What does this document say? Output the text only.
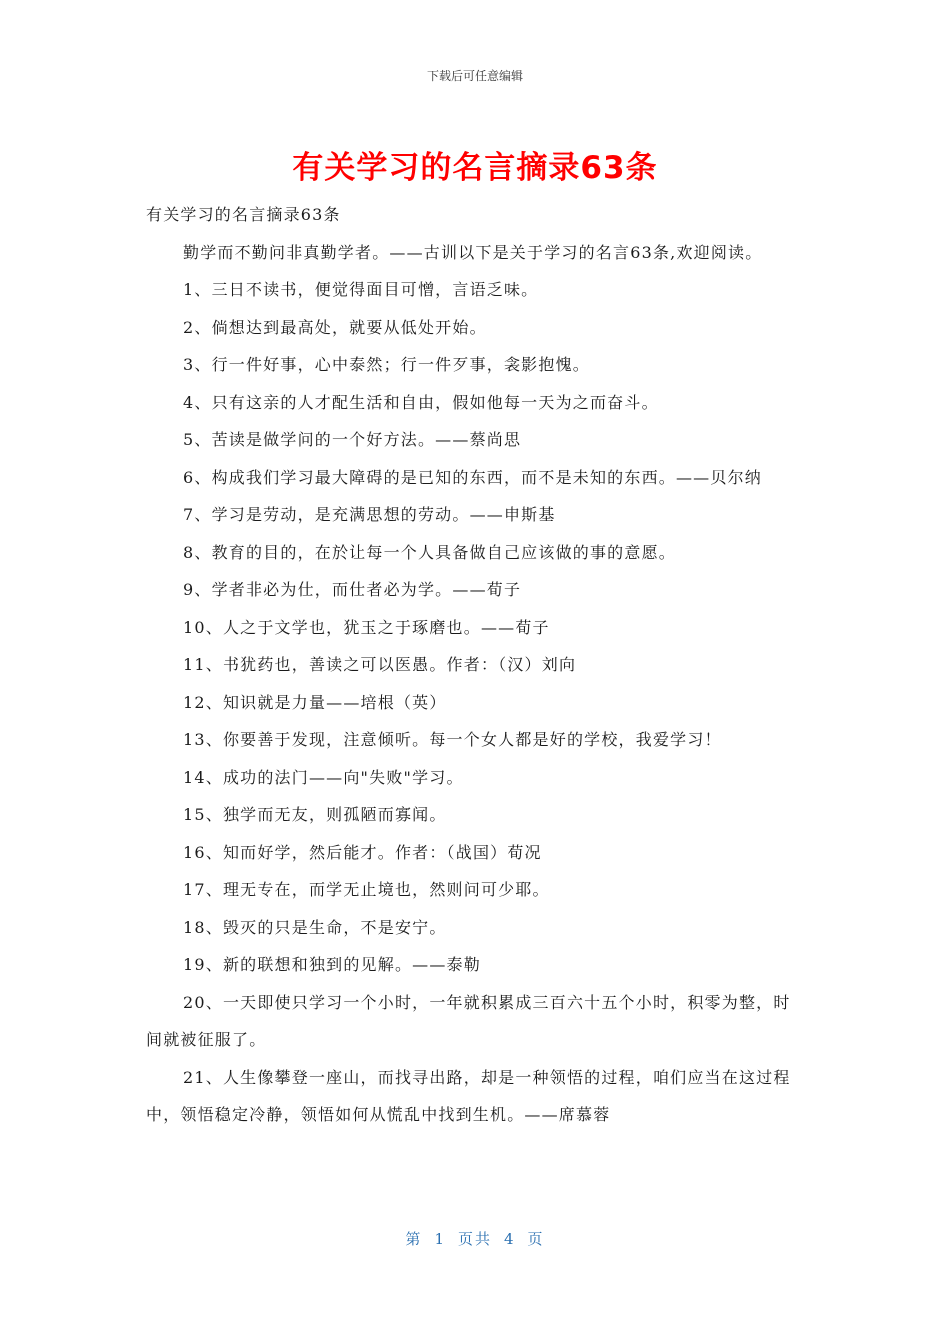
下载后可任意编辑
有关学习的名言摘录63条

有关学习的名言摘录63条

勤学而不勤问非真勤学者。——古训以下是关于学习的名言63条,欢迎阅读。

1、三日不读书，便觉得面目可憎，言语乏味。

2、倘想达到最高处，就要从低处开始。

3、行一件好事，心中泰然；行一件歹事，衾影抱愧。

4、只有这亲的人才配生活和自由，假如他每一天为之而奋斗。

5、苦读是做学问的一个好方法。——蔡尚思

6、构成我们学习最大障碍的是已知的东西，而不是未知的东西。——贝尔纳

7、学习是劳动，是充满思想的劳动。——申斯基

8、教育的目的，在於让每一个人具备做自己应该做的事的意愿。

9、学者非必为仕，而仕者必为学。——荀子

10、人之于文学也，犹玉之于琢磨也。——荀子

11、书犹药也，善读之可以医愚。作者：（汉）刘向

12、知识就是力量——培根（英）

13、你要善于发现，注意倾听。每一个女人都是好的学校，我爱学习！

14、成功的法门——向"失败"学习。

15、独学而无友，则孤陋而寡闻。

16、知而好学，然后能才。作者：（战国）荀况

17、理无专在，而学无止境也，然则问可少耶。

18、毁灭的只是生命，不是安宁。

19、新的联想和独到的见解。——泰勒

20、一天即使只学习一个小时，一年就积累成三百六十五个小时，积零为整，时间就被征服了。

21、人生像攀登一座山，而找寻出路，却是一种领悟的过程，咱们应当在这过程中，领悟稳定冷静，领悟如何从慌乱中找到生机。——席慕蓉

第 1 页共 4 页
